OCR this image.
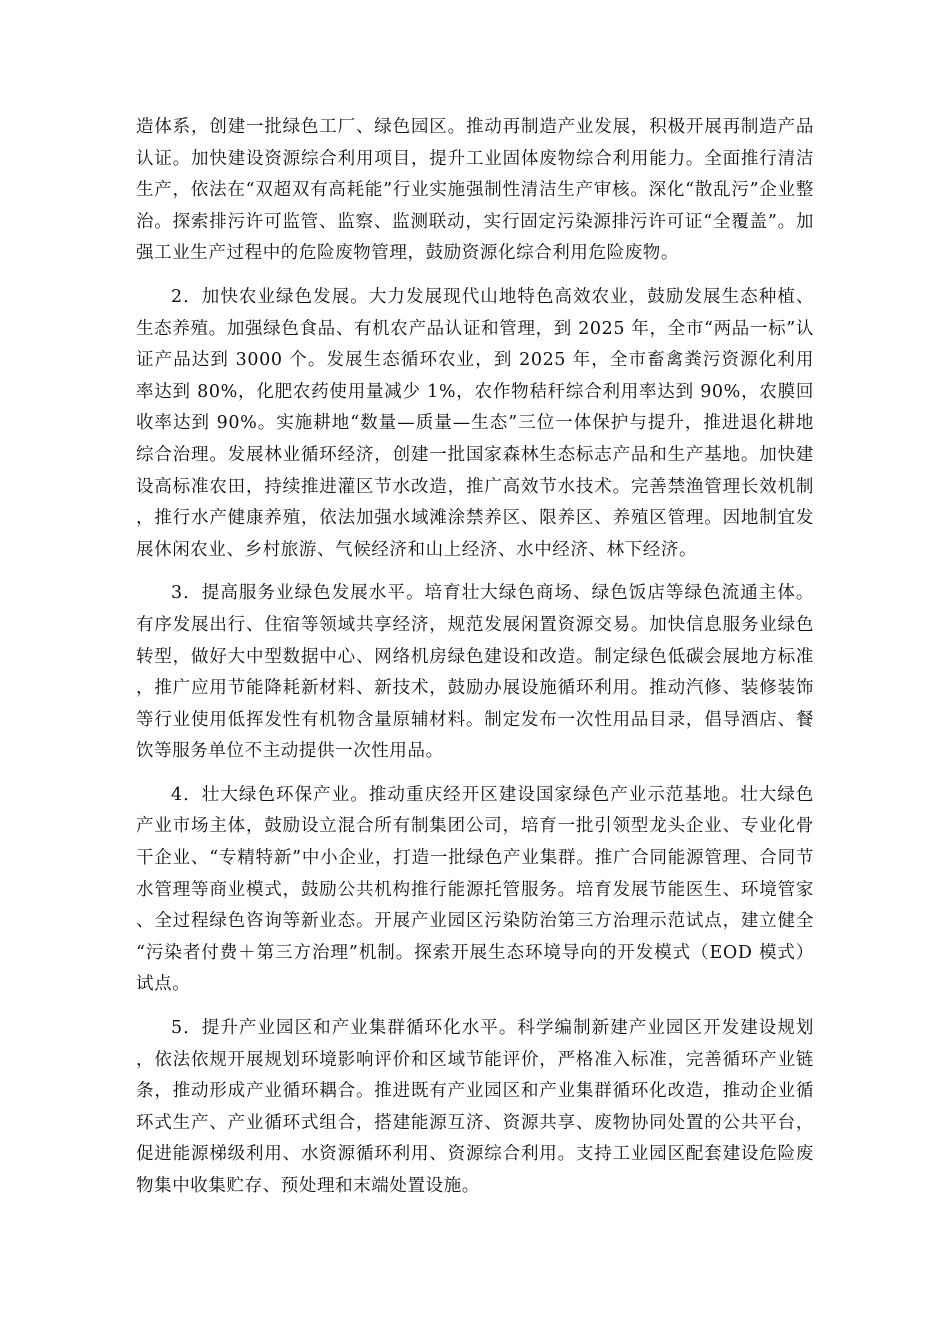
造体系，创建一批绿色工厂、绿色园区。推动再制造产业发展，积极开展再制造产品认证。加快建设资源综合利用项目，提升工业固体废物综合利用能力。全面推行清洁生产，依法在“双超双有高耗能”行业实施强制性清洁生产审核。深化“散乱污”企业整治。探索排污许可监管、监察、监测联动，实行固定污染源排污许可证“全覆盖”。加强工业生产过程中的危险废物管理，鼓励资源化综合利用危险废物。

2．加快农业绿色发展。大力发展现代山地特色高效农业，鼓励发展生态种植、生态养殖。加强绿色食品、有机农产品认证和管理，到 2025 年，全市“两品一标”认证产品达到 3000 个。发展生态循环农业，到 2025 年，全市畜禽粪污资源化利用率达到 80%，化肥农药使用量减少 1%，农作物秸秆综合利用率达到 90%，农膜回收率达到 90%。实施耕地“数量—质量—生态”三位一体保护与提升，推进退化耕地综合治理。发展林业循环经济，创建一批国家森林生态标志产品和生产基地。加快建设高标准农田，持续推进灌区节水改造，推广高效节水技术。完善禁渔管理长效机制，推行水产健康养殖，依法加强水域滩涂禁养区、限养区、养殖区管理。因地制宜发展休闲农业、乡村旅游、气候经济和山上经济、水中经济、林下经济。

3．提高服务业绿色发展水平。培育壮大绿色商场、绿色饭店等绿色流通主体。有序发展出行、住宿等领域共享经济，规范发展闲置资源交易。加快信息服务业绿色转型，做好大中型数据中心、网络机房绿色建设和改造。制定绿色低碳会展地方标准，推广应用节能降耗新材料、新技术，鼓励办展设施循环利用。推动汽修、装修装饰等行业使用低挥发性有机物含量原辅材料。制定发布一次性用品目录，倡导酒店、餐饮等服务单位不主动提供一次性用品。

4．壮大绿色环保产业。推动重庆经开区建设国家绿色产业示范基地。壮大绿色产业市场主体，鼓励设立混合所有制集团公司，培育一批引领型龙头企业、专业化骨干企业、“专精特新”中小企业，打造一批绿色产业集群。推广合同能源管理、合同节水管理等商业模式，鼓励公共机构推行能源托管服务。培育发展节能医生、环境管家、全过程绿色咨询等新业态。开展产业园区污染防治第三方治理示范试点，建立健全“污染者付费＋第三方治理”机制。探索开展生态环境导向的开发模式（EOD 模式）试点。

5．提升产业园区和产业集群循环化水平。科学编制新建产业园区开发建设规划，依法依规开展规划环境影响评价和区域节能评价，严格准入标准，完善循环产业链条，推动形成产业循环耦合。推进既有产业园区和产业集群循环化改造，推动企业循环式生产、产业循环式组合，搭建能源互济、资源共享、废物协同处置的公共平台，促进能源梯级利用、水资源循环利用、资源综合利用。支持工业园区配套建设危险废物集中收集贮存、预处理和末端处置设施。
